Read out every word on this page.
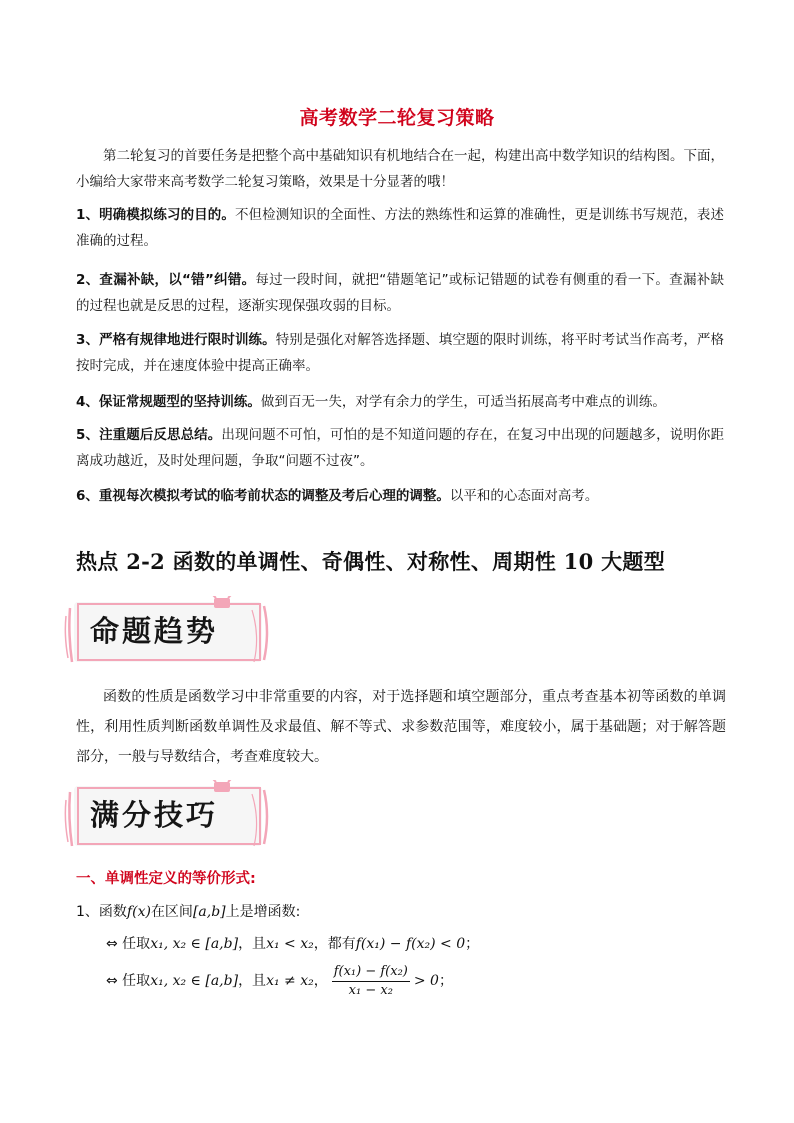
高考数学二轮复习策略
第二轮复习的首要任务是把整个高中基础知识有机地结合在一起，构建出高中数学知识的结构图。下面，小编给大家带来高考数学二轮复习策略，效果是十分显著的哦！
1、明确模拟练习的目的。不但检测知识的全面性、方法的熟练性和运算的准确性，更是训练书写规范，表述准确的过程。
2、查漏补缺，以“错”纠错。每过一段时间，就把“错题笔记”或标记错题的试卷有侧重的看一下。查漏补缺的过程也就是反思的过程，逐渐实现保强攻弱的目标。
3、严格有规律地进行限时训练。特别是强化对解答选择题、填空题的限时训练，将平时考试当作高考，严格按时完成，并在速度体验中提高正确率。
4、保证常规题型的坚持训练。做到百无一失，对学有余力的学生，可适当拓展高考中难点的训练。
5、注重题后反思总结。出现问题不可怕，可怕的是不知道问题的存在，在复习中出现的问题越多，说明你距离成功越近，及时处理问题，争取“问题不过夜”。
6、重视每次模拟考试的临考前状态的调整及考后心理的调整。以平和的心态面对高考。
热点 2-2 函数的单调性、奇偶性、对称性、周期性 10 大题型
命题趋势
函数的性质是函数学习中非常重要的内容，对于选择题和填空题部分，重点考查基本初等函数的单调性，利用性质判断函数单调性及求最值、解不等式、求参数范围等，难度较小，属于基础题；对于解答题部分，一般与导数结合，考查难度较大。
满分技巧
一、单调性定义的等价形式:
1、函数f(x)在区间[a,b]上是增函数:
⇔ 任取x₁, x₂ ∈ [a,b]，且x₁ < x₂，都有f(x₁) − f(x₂) < 0；
⇔ 任取x₁, x₂ ∈ [a,b]，且x₁ ≠ x₂， $\frac{\text{f(x₁) − f(x₂)}}{\text{x₁ − x₂}} > 0$；
